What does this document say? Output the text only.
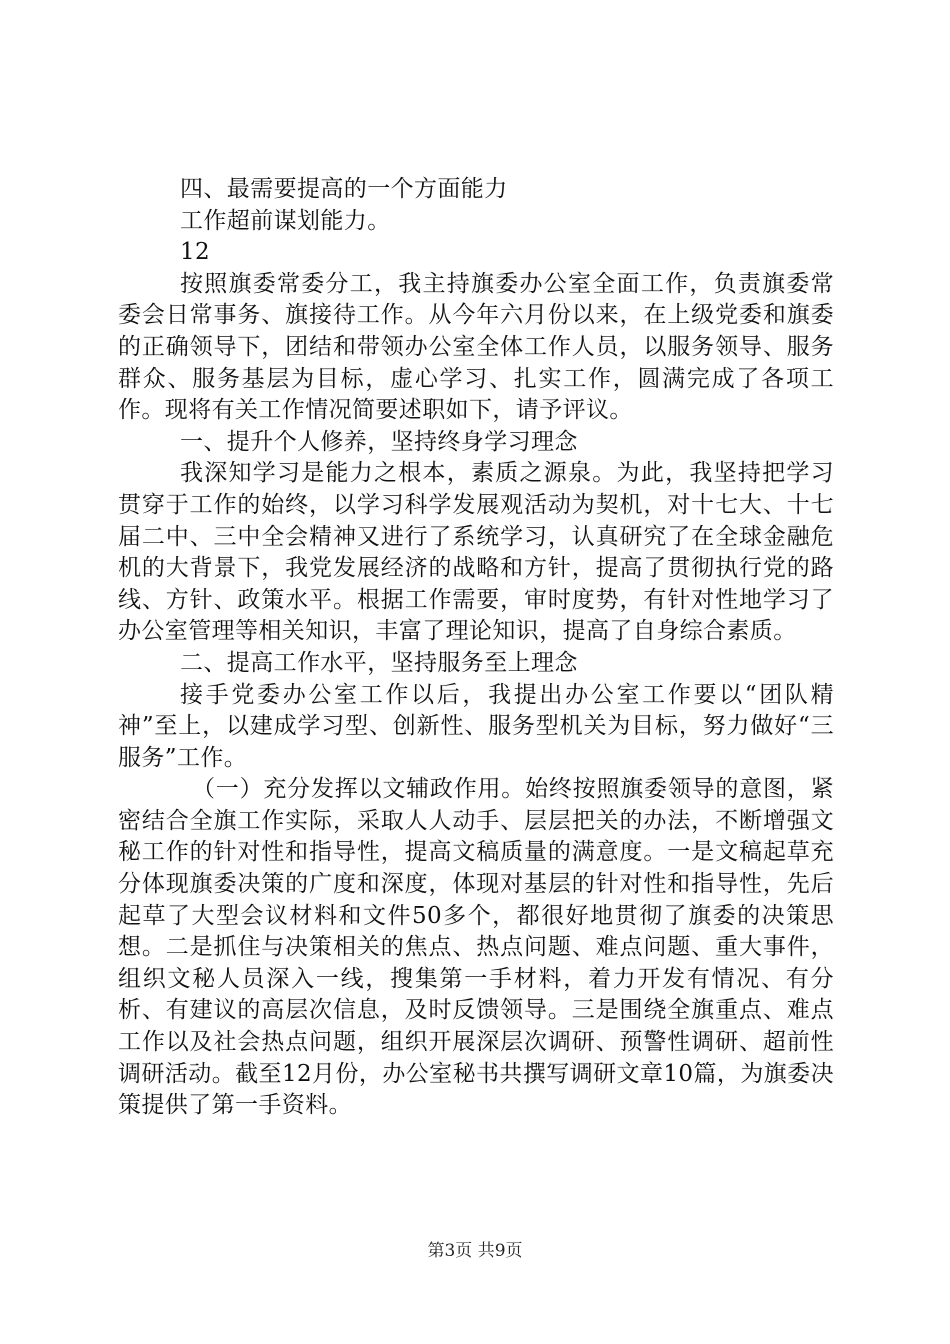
四、最需要提高的一个方面能力

工作超前谋划能力。

12

按照旗委常委分工，我主持旗委办公室全面工作，负责旗委常委会日常事务、旗接待工作。从今年六月份以来，在上级党委和旗委的正确领导下，团结和带领办公室全体工作人员，以服务领导、服务群众、服务基层为目标，虚心学习、扎实工作，圆满完成了各项工作。现将有关工作情况简要述职如下，请予评议。

一、提升个人修养，坚持终身学习理念

我深知学习是能力之根本，素质之源泉。为此，我坚持把学习贯穿于工作的始终，以学习科学发展观活动为契机，对十七大、十七届二中、三中全会精神又进行了系统学习，认真研究了在全球金融危机的大背景下，我党发展经济的战略和方针，提高了贯彻执行党的路线、方针、政策水平。根据工作需要，审时度势，有针对性地学习了办公室管理等相关知识，丰富了理论知识，提高了自身综合素质。

二、提高工作水平，坚持服务至上理念

接手党委办公室工作以后，我提出办公室工作要以“团队精神”至上，以建成学习型、创新性、服务型机关为目标，努力做好“三服务”工作。

（一）充分发挥以文辅政作用。始终按照旗委领导的意图，紧密结合全旗工作实际，采取人人动手、层层把关的办法，不断增强文秘工作的针对性和指导性，提高文稿质量的满意度。一是文稿起草充分体现旗委决策的广度和深度，体现对基层的针对性和指导性，先后起草了大型会议材料和文件50多个，都很好地贯彻了旗委的决策思想。二是抓住与决策相关的焦点、热点问题、难点问题、重大事件，组织文秘人员深入一线，搜集第一手材料，着力开发有情况、有分析、有建议的高层次信息，及时反馈领导。三是围绕全旗重点、难点工作以及社会热点问题，组织开展深层次调研、预警性调研、超前性调研活动。截至12月份，办公室秘书共撰写调研文章10篇，为旗委决策提供了第一手资料。

第3页 共9页
